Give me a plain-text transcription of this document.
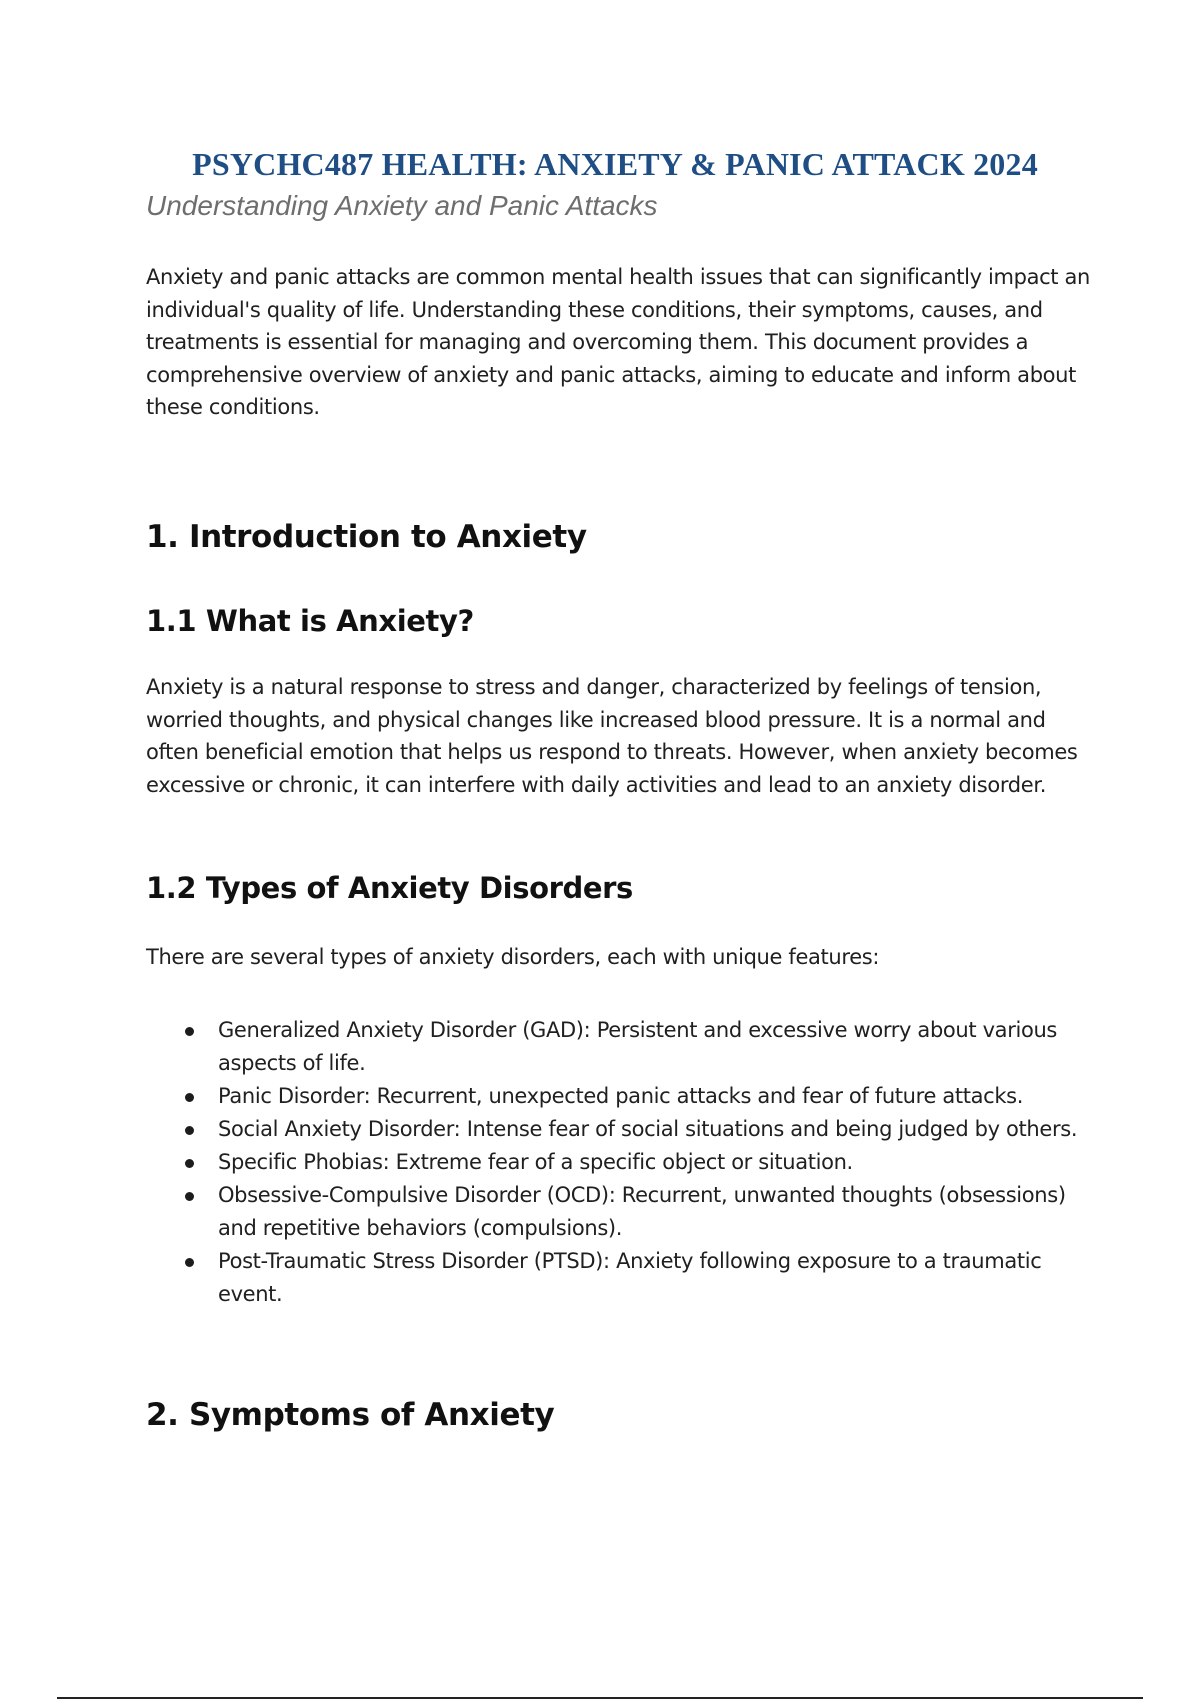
PSYCHC487 HEALTH: ANXIETY & PANIC ATTACK 2024
Understanding Anxiety and Panic Attacks

Anxiety and panic attacks are common mental health issues that can significantly impact an individual's quality of life. Understanding these conditions, their symptoms, causes, and treatments is essential for managing and overcoming them. This document provides a comprehensive overview of anxiety and panic attacks, aiming to educate and inform about these conditions.

1. Introduction to Anxiety
1.1 What is Anxiety?

Anxiety is a natural response to stress and danger, characterized by feelings of tension, worried thoughts, and physical changes like increased blood pressure. It is a normal and often beneficial emotion that helps us respond to threats. However, when anxiety becomes excessive or chronic, it can interfere with daily activities and lead to an anxiety disorder.

1.2 Types of Anxiety Disorders

There are several types of anxiety disorders, each with unique features:

Generalized Anxiety Disorder (GAD): Persistent and excessive worry about various aspects of life.
Panic Disorder: Recurrent, unexpected panic attacks and fear of future attacks.
Social Anxiety Disorder: Intense fear of social situations and being judged by others.
Specific Phobias: Extreme fear of a specific object or situation.
Obsessive-Compulsive Disorder (OCD): Recurrent, unwanted thoughts (obsessions) and repetitive behaviors (compulsions).
Post-Traumatic Stress Disorder (PTSD): Anxiety following exposure to a traumatic event.
2. Symptoms of Anxiety
